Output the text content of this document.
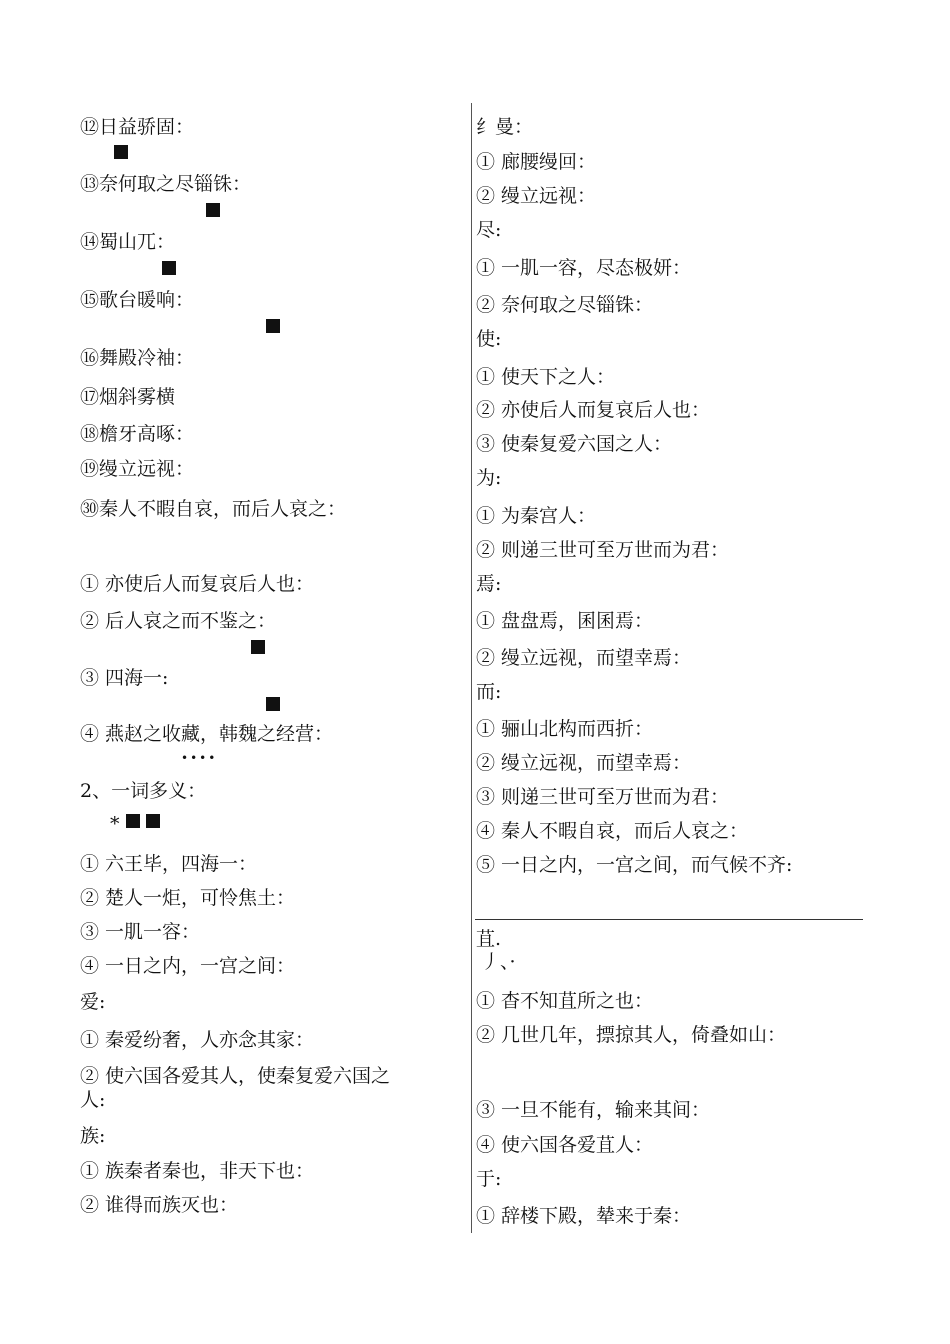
⑫日益骄固：
⑬奈何取之尽锱铢：
⑭蜀山兀：
⑮歌台暖响：
⑯舞殿冷袖：
⑰烟斜雾横
⑱檐牙高啄：
⑲缦立远视：
㉚秦人不暇自哀，而后人哀之：
① 亦使后人而复哀后人也：
② 后人哀之而不鉴之：
③ 四海一:
④ 燕赵之收藏，韩魏之经营：
••••
2、一词多义：
*
① 六王毕，四海一：
② 楚人一炬，可怜焦土：
③ 一肌一容：
④ 一日之内，一宫之间：
爱:
① 秦爱纷奢，人亦念其家：
② 使六国各爱其人，使秦复爱六国之
人:
族:
① 族秦者秦也，非天下也：
② 谁得而族灭也：
纟曼：
① 廊腰缦回：
② 缦立远视：
尽:
① 一肌一容，尽态极妍：
② 奈何取之尽锱铢：
使:
① 使天下之人：
② 亦使后人而复哀后人也：
③ 使秦复爱六国之人：
为:
① 为秦宫人：
② 则递三世可至万世而为君：
焉:
① 盘盘焉，囷囷焉：
② 缦立远视，而望幸焉：
而:
① 骊山北构而西折：
② 缦立远视，而望幸焉：
③ 则递三世可至万世而为君：
④ 秦人不暇自哀，而后人哀之：
⑤ 一日之内，一宫之间，而气候不齐:
苴.
丿、·
① 杳不知苴所之也：
② 几世几年，摽掠其人，倚叠如山：
③ 一旦不能有，输来其间：
④ 使六国各爱苴人：
于:
① 辞楼下殿，辇来于秦：
